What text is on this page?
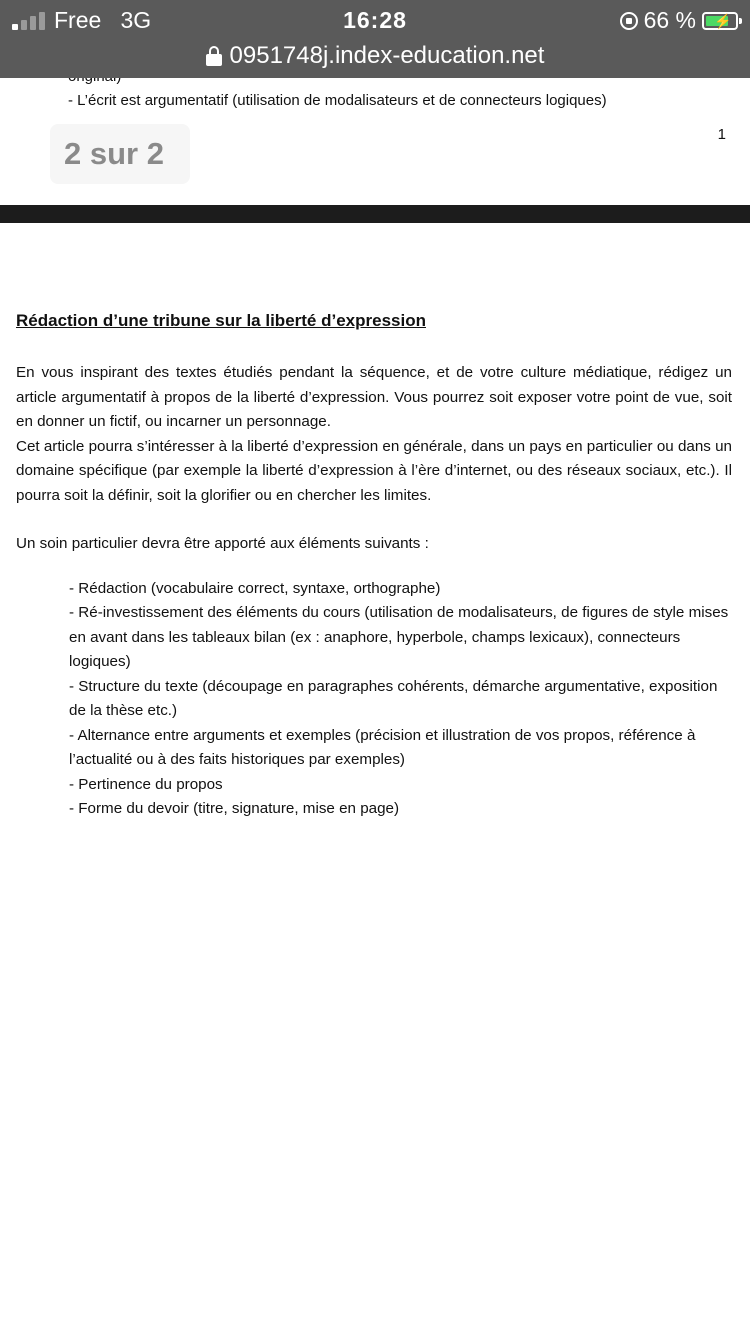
Free 3G	16:28	66 % ⚡
0951748j.index-education.net
- L’écrit est argumentatif (utilisation de modalisateurs et de connecteurs logiques)
1
2 sur 2
Rédaction d’une tribune sur la liberté d’expression

En vous inspirant des textes étudiés pendant la séquence, et de votre culture médiatique, rédigez un article argumentatif à propos de la liberté d’expression. Vous pourrez soit exposer votre point de vue, soit en donner un fictif, ou incarner un personnage.

Cet article pourra s’intéresser à la liberté d’expression en générale, dans un pays en particulier ou dans un domaine spécifique (par exemple la liberté d’expression à l’ère d’internet, ou des réseaux sociaux, etc.). Il pourra soit la définir, soit la glorifier ou en chercher les limites.

Un soin particulier devra être apporté aux éléments suivants :

- Rédaction (vocabulaire correct, syntaxe, orthographe)
- Ré-investissement des éléments du cours (utilisation de modalisateurs, de figures de style mises en avant dans les tableaux bilan (ex : anaphore, hyperbole, champs lexicaux), connecteurs logiques)
- Structure du texte (découpage en paragraphes cohérents, démarche argumentative, exposition de la thèse etc.)
- Alternance entre arguments et exemples (précision et illustration de vos propos, référence à l’actualité ou à des faits historiques par exemples)
- Pertinence du propos
- Forme du devoir (titre, signature, mise en page)
